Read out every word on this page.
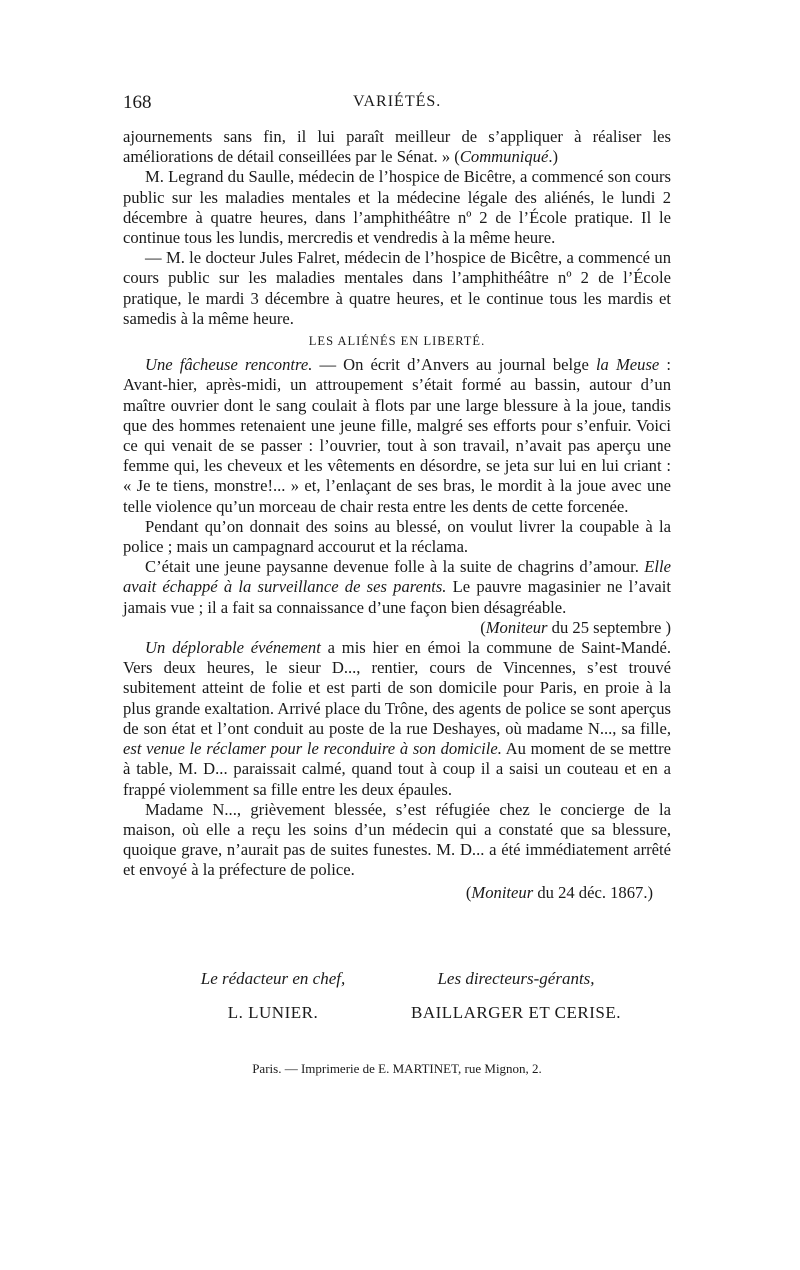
168	VARIÉTÉS.

ajournements sans fin, il lui paraît meilleur de s’appliquer à réaliser les améliorations de détail conseillées par le Sénat. » (Communiqué.)

M. Legrand du Saulle, médecin de l’hospice de Bicêtre, a commencé son cours public sur les maladies mentales et la médecine légale des aliénés, le lundi 2 décembre à quatre heures, dans l’amphithéâtre nº 2 de l’École pratique. Il le continue tous les lundis, mercredis et vendredis à la même heure.

— M. le docteur Jules Falret, médecin de l’hospice de Bicêtre, a commencé un cours public sur les maladies mentales dans l’amphithéâtre nº 2 de l’École pratique, le mardi 3 décembre à quatre heures, et le continue tous les mardis et samedis à la même heure.

LES ALIÉNÉS EN LIBERTÉ.

Une fâcheuse rencontre. — On écrit d’Anvers au journal belge la Meuse : Avant-hier, après-midi, un attroupement s’était formé au bassin, autour d’un maître ouvrier dont le sang coulait à flots par une large blessure à la joue, tandis que des hommes retenaient une jeune fille, malgré ses efforts pour s’enfuir. Voici ce qui venait de se passer : l’ouvrier, tout à son travail, n’avait pas aperçu une femme qui, les cheveux et les vêtements en désordre, se jeta sur lui en lui criant : « Je te tiens, monstre!... » et, l’enlaçant de ses bras, le mordit à la joue avec une telle violence qu’un morceau de chair resta entre les dents de cette forcenée.

Pendant qu’on donnait des soins au blessé, on voulut livrer la coupable à la police ; mais un campagnard accourut et la réclama.

C’était une jeune paysanne devenue folle à la suite de chagrins d’amour. Elle avait échappé à la surveillance de ses parents. Le pauvre magasinier ne l’avait jamais vue ; il a fait sa connaissance d’une façon bien désagréable.

(Moniteur du 25 septembre )

Un déplorable événement a mis hier en émoi la commune de Saint-Mandé. Vers deux heures, le sieur D..., rentier, cours de Vincennes, s’est trouvé subitement atteint de folie et est parti de son domicile pour Paris, en proie à la plus grande exaltation. Arrivé place du Trône, des agents de police se sont aperçus de son état et l’ont conduit au poste de la rue Deshayes, où madame N..., sa fille, est venue le réclamer pour le reconduire à son domicile. Au moment de se mettre à table, M. D... paraissait calmé, quand tout à coup il a saisi un couteau et en a frappé violemment sa fille entre les deux épaules.

Madame N..., grièvement blessée, s’est réfugiée chez le concierge de la maison, où elle a reçu les soins d’un médecin qui a constaté que sa blessure, quoique grave, n’aurait pas de suites funestes. M. D... a été immédiatement arrêté et envoyé à la préfecture de police.

(Moniteur du 24 déc. 1867.)

Le rédacteur en chef,
L. LUNIER.
Les directeurs-gérants,
BAILLARGER ET CERISE.
Paris. — Imprimerie de E. MARTINET, rue Mignon, 2.
